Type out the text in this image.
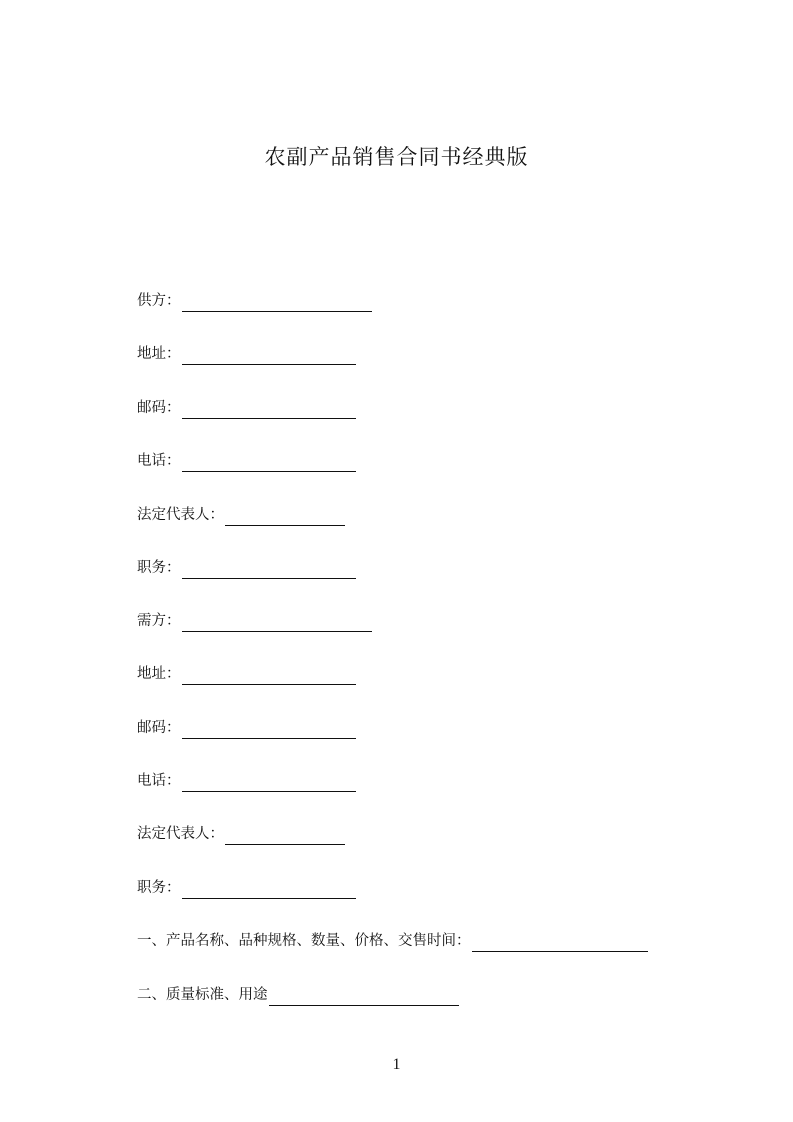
农副产品销售合同书经典版
供方：
地址：
邮码：
电话：
法定代表人：
职务：
需方：
地址：
邮码：
电话：
法定代表人：
职务：
一、产品名称、品种规格、数量、价格、交售时间：
二、质量标准、用途
1
